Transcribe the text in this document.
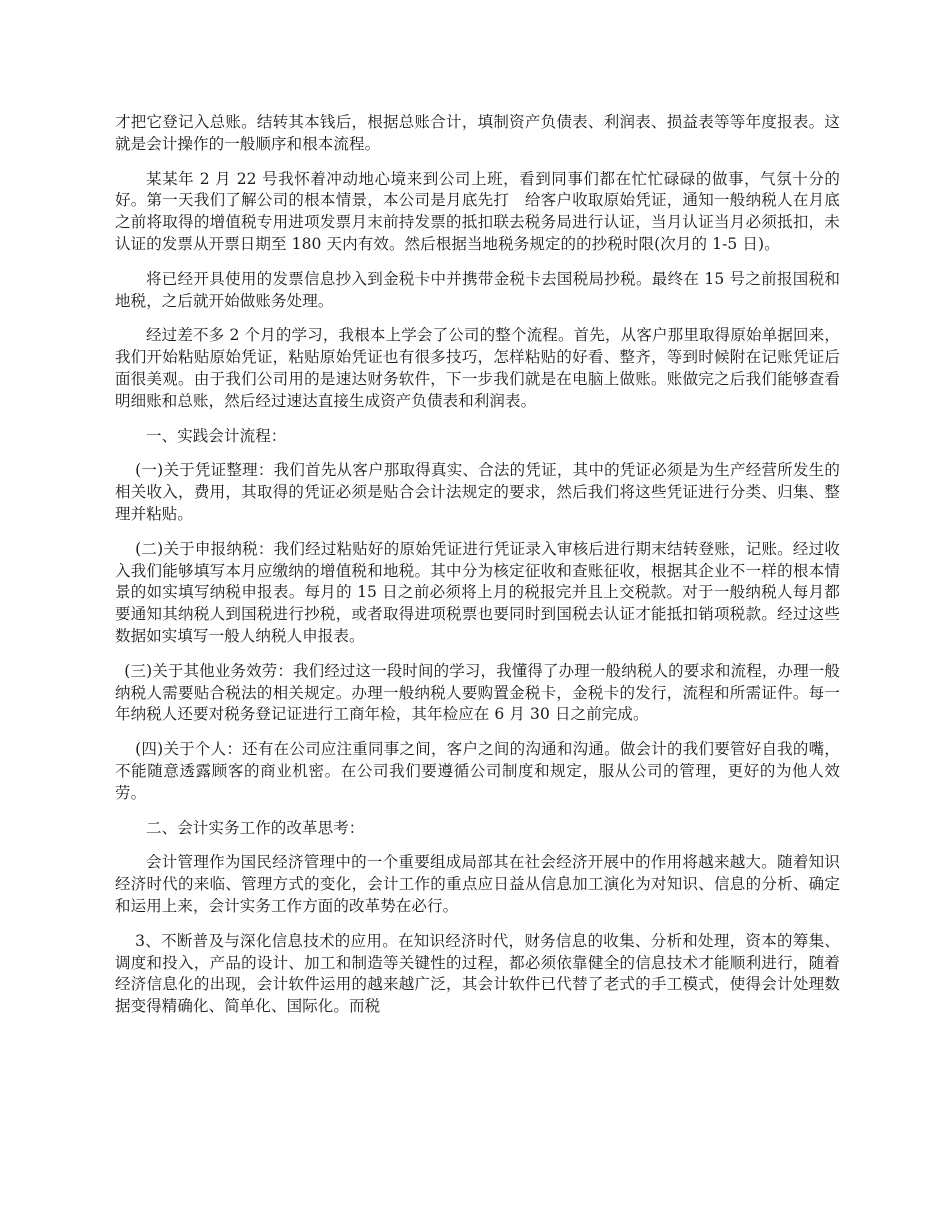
才把它登记入总账。结转其本钱后，根据总账合计，填制资产负债表、利润表、损益表等等年度报表。这就是会计操作的一般顺序和根本流程。

某某年 2 月 22 号我怀着冲动地心境来到公司上班，看到同事们都在忙忙碌碌的做事，气氛十分的好。第一天我们了解公司的根本情景，本公司是月底先打　给客户收取原始凭证，通知一般纳税人在月底之前将取得的增值税专用进项发票月末前持发票的抵扣联去税务局进行认证，当月认证当月必须抵扣，未认证的发票从开票日期至 180 天内有效。然后根据当地税务规定的的抄税时限(次月的 1-5 日)。

将已经开具使用的发票信息抄入到金税卡中并携带金税卡去国税局抄税。最终在 15 号之前报国税和地税，之后就开始做账务处理。

经过差不多 2 个月的学习，我根本上学会了公司的整个流程。首先，从客户那里取得原始单据回来，我们开始粘贴原始凭证，粘贴原始凭证也有很多技巧，怎样粘贴的好看、整齐，等到时候附在记账凭证后面很美观。由于我们公司用的是速达财务软件，下一步我们就是在电脑上做账。账做完之后我们能够查看明细账和总账，然后经过速达直接生成资产负债表和利润表。

一、实践会计流程：

(一)关于凭证整理：我们首先从客户那取得真实、合法的凭证，其中的凭证必须是为生产经营所发生的相关收入，费用，其取得的凭证必须是贴合会计法规定的要求，然后我们将这些凭证进行分类、归集、整理并粘贴。

(二)关于申报纳税：我们经过粘贴好的原始凭证进行凭证录入审核后进行期末结转登账，记账。经过收入我们能够填写本月应缴纳的增值税和地税。其中分为核定征收和查账征收，根据其企业不一样的根本情景的如实填写纳税申报表。每月的 15 日之前必须将上月的税报完并且上交税款。对于一般纳税人每月都要通知其纳税人到国税进行抄税，或者取得进项税票也要同时到国税去认证才能抵扣销项税款。经过这些数据如实填写一般人纳税人申报表。

(三)关于其他业务效劳：我们经过这一段时间的学习，我懂得了办理一般纳税人的要求和流程，办理一般纳税人需要贴合税法的相关规定。办理一般纳税人要购置金税卡，金税卡的发行，流程和所需证件。每一年纳税人还要对税务登记证进行工商年检，其年检应在 6 月 30 日之前完成。

(四)关于个人：还有在公司应注重同事之间，客户之间的沟通和沟通。做会计的我们要管好自我的嘴，不能随意透露顾客的商业机密。在公司我们要遵循公司制度和规定，服从公司的管理，更好的为他人效劳。

二、会计实务工作的改革思考：

会计管理作为国民经济管理中的一个重要组成局部其在社会经济开展中的作用将越来越大。随着知识经济时代的来临、管理方式的变化，会计工作的重点应日益从信息加工演化为对知识、信息的分析、确定和运用上来，会计实务工作方面的改革势在必行。

3、不断普及与深化信息技术的应用。在知识经济时代，财务信息的收集、分析和处理，资本的筹集、调度和投入，产品的设计、加工和制造等关键性的过程，都必须依靠健全的信息技术才能顺利进行，随着经济信息化的出现，会计软件运用的越来越广泛，其会计软件已代替了老式的手工模式，使得会计处理数据变得精确化、简单化、国际化。而税
